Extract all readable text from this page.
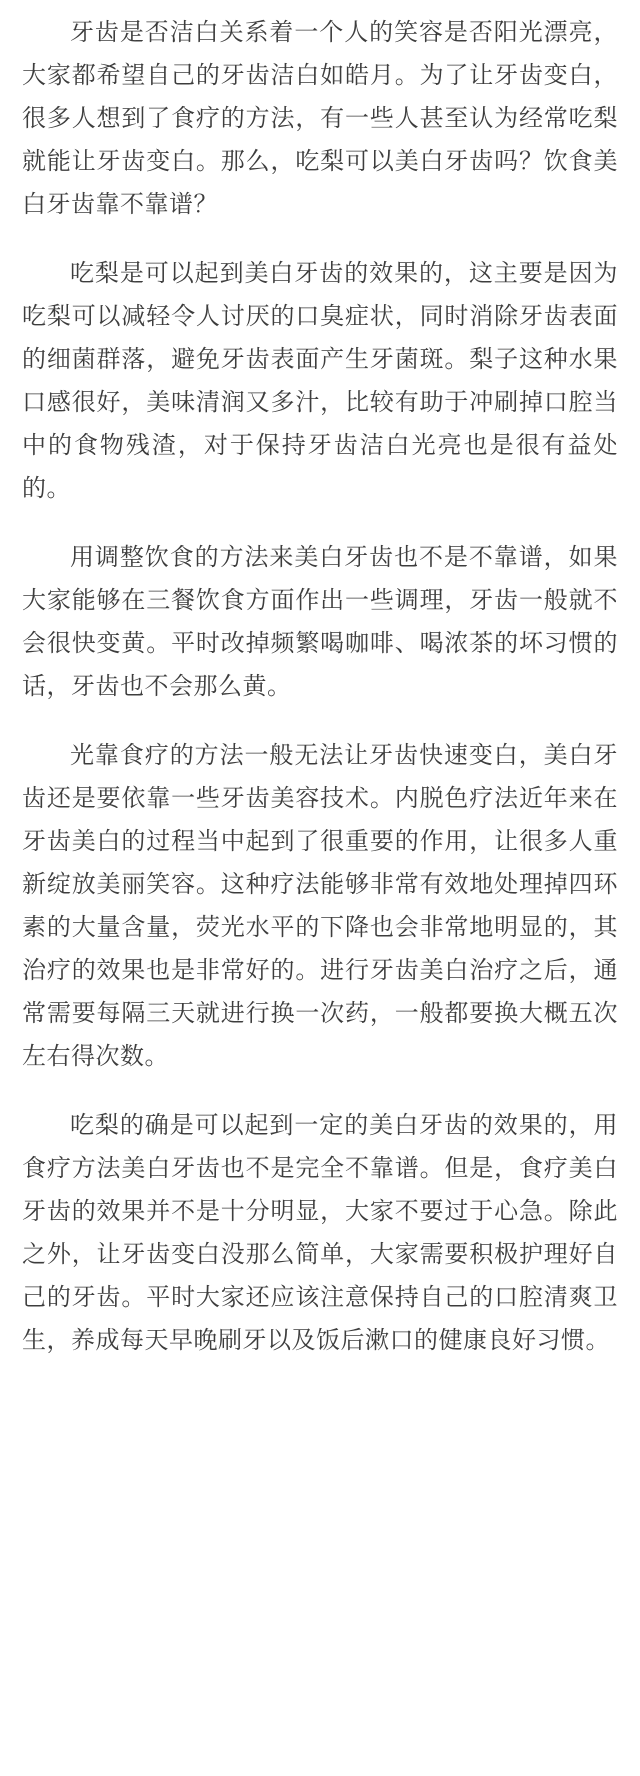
牙齿是否洁白关系着一个人的笑容是否阳光漂亮，大家都希望自己的牙齿洁白如皓月。为了让牙齿变白，很多人想到了食疗的方法，有一些人甚至认为经常吃梨就能让牙齿变白。那么，吃梨可以美白牙齿吗？饮食美白牙齿靠不靠谱？

吃梨是可以起到美白牙齿的效果的，这主要是因为吃梨可以减轻令人讨厌的口臭症状，同时消除牙齿表面的细菌群落，避免牙齿表面产生牙菌斑。梨子这种水果口感很好，美味清润又多汁，比较有助于冲刷掉口腔当中的食物残渣，对于保持牙齿洁白光亮也是很有益处的。

用调整饮食的方法来美白牙齿也不是不靠谱，如果大家能够在三餐饮食方面作出一些调理，牙齿一般就不会很快变黄。平时改掉频繁喝咖啡、喝浓茶的坏习惯的话，牙齿也不会那么黄。

光靠食疗的方法一般无法让牙齿快速变白，美白牙齿还是要依靠一些牙齿美容技术。内脱色疗法近年来在牙齿美白的过程当中起到了很重要的作用，让很多人重新绽放美丽笑容。这种疗法能够非常有效地处理掉四环素的大量含量，荧光水平的下降也会非常地明显的，其治疗的效果也是非常好的。进行牙齿美白治疗之后，通常需要每隔三天就进行换一次药，一般都要换大概五次左右得次数。

吃梨的确是可以起到一定的美白牙齿的效果的，用食疗方法美白牙齿也不是完全不靠谱。但是，食疗美白牙齿的效果并不是十分明显，大家不要过于心急。除此之外，让牙齿变白没那么简单，大家需要积极护理好自己的牙齿。平时大家还应该注意保持自己的口腔清爽卫生，养成每天早晚刷牙以及饭后漱口的健康良好习惯。
